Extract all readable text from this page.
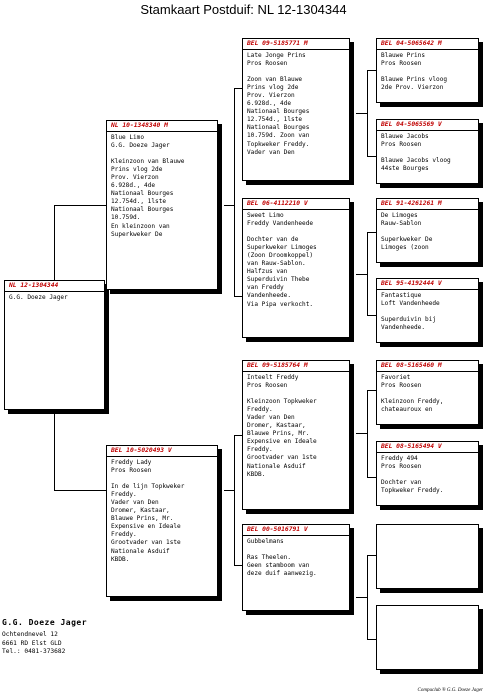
Stamkaart Postduif: NL 12-1304344
NL 12-1304344
G.G. Doeze Jager
NL 10-1348340 M
Blue Limo
G.G. Doeze Jager

Kleinzoon van Blauwe
Prins vlog 2de
Prov. Vierzon
6.928d., 4de
Nationaal Bourges
12.754d., 1lste
Nationaal Bourges
10.759d.
En kleinzoon van
Superkweker De
BEL 10-5020493 V
Freddy Lady
Pros Roosen

In de lijn Topkweker
Freddy.
Vader van Den
Dromer, Kastaar,
Blauwe Prins, Mr.
Expensive en Ideale
Freddy.
Grootvader van 1ste
Nationale Asduif
KBDB.
BEL 09-5185771 M
Late Jonge Prins
Pros Roosen

Zoon van Blauwe
Prins vlog 2de
Prov. Vierzon
6.928d., 4de
Nationaal Bourges
12.754d., 1lste
Nationaal Bourges
10.759d. Zoon van
Topkweker Freddy.
Vader van Den
BEL 06-4112210 V
Sweet Limo
Freddy Vandenheede

Dochter van de
Superkweker Limoges
(Zoon Droomkoppel)
van Rauw-Sablon.
Halfzus van
Superduivin Thebe
van Freddy
Vandenheede.
Via Pipa verkocht.
BEL 09-5185764 M
Inteelt Freddy
Pros Roosen

Kleinzoon Topkweker
Freddy.
Vader van Den
Dromer, Kastaar,
Blauwe Prins, Mr.
Expensive en Ideale
Freddy.
Grootvader van 1ste
Nationale Asduif
KBDB.
BEL 00-5016791 V
Gubbelmans

Ras Theelen.
Geen stamboom van
deze duif aanwezig.
BEL 04-5065642 M
Blauwe Prins
Pros Roosen

Blauwe Prins vloog
2de Prov. Vierzon
BEL 04-5065569 V
Blauwe Jacobs
Pros Roosen

Blauwe Jacobs vloog
44ste Bourges
BEL 91-4261261 M
De Limoges
Rauw-Sablon

Superkweker De
Limoges (zoon
BEL 95-4192444 V
Fantastique
Loft Vandenheede

Superduivin bij
Vandenheede.
BEL 08-5165460 M
Favoriet
Pros Roosen

Kleinzoon Freddy,
chateauroux en
BEL 08-5165494 V
Freddy 494
Pros Roosen

Dochter van
Topkweker Freddy.
G.G. Doeze Jager
Ochtendnevel 12
6661 RD Elst GLD
Tel.: 0481-373682
Compuclub ® G.G. Doeze Jager
